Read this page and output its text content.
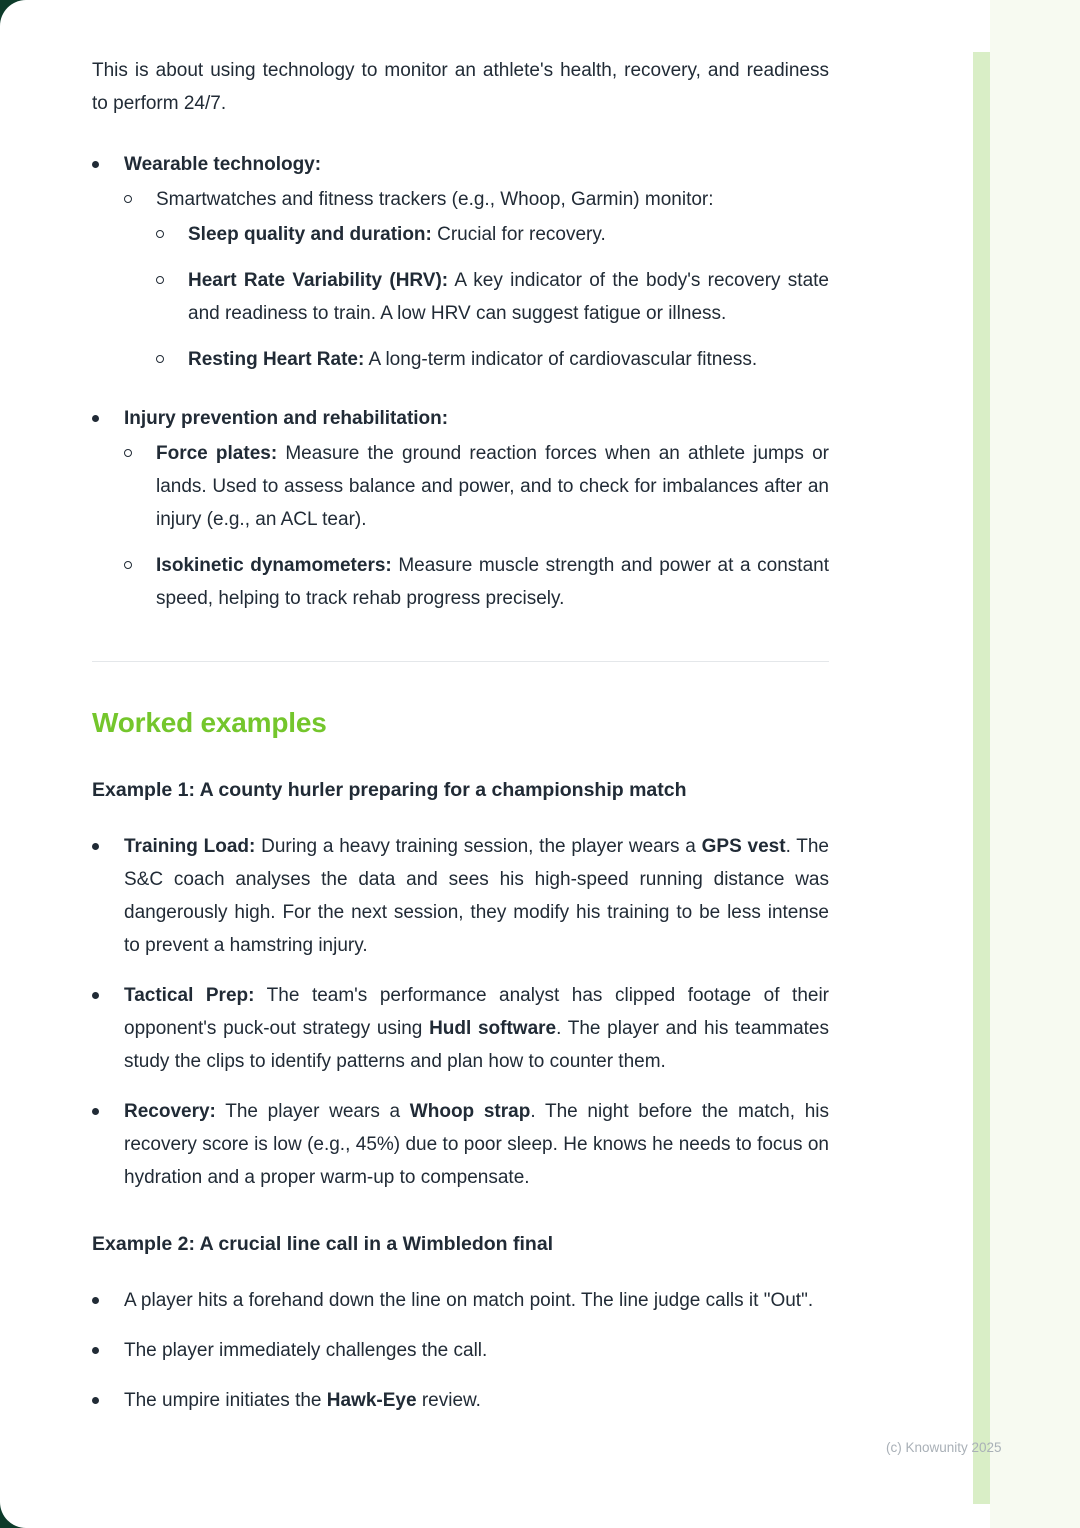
This is about using technology to monitor an athlete's health, recovery, and readiness to perform 24/7.

Wearable technology:
Smartwatches and fitness trackers (e.g., Whoop, Garmin) monitor:
Sleep quality and duration: Crucial for recovery.
Heart Rate Variability (HRV): A key indicator of the body's recovery state and readiness to train. A low HRV can suggest fatigue or illness.
Resting Heart Rate: A long-term indicator of cardiovascular fitness.
Injury prevention and rehabilitation:
Force plates: Measure the ground reaction forces when an athlete jumps or lands. Used to assess balance and power, and to check for imbalances after an injury (e.g., an ACL tear).
Isokinetic dynamometers: Measure muscle strength and power at a constant speed, helping to track rehab progress precisely.
Worked examples
Example 1: A county hurler preparing for a championship match
Training Load: During a heavy training session, the player wears a GPS vest. The S&C coach analyses the data and sees his high-speed running distance was dangerously high. For the next session, they modify his training to be less intense to prevent a hamstring injury.
Tactical Prep: The team's performance analyst has clipped footage of their opponent's puck-out strategy using Hudl software. The player and his teammates study the clips to identify patterns and plan how to counter them.
Recovery: The player wears a Whoop strap. The night before the match, his recovery score is low (e.g., 45%) due to poor sleep. He knows he needs to focus on hydration and a proper warm-up to compensate.
Example 2: A crucial line call in a Wimbledon final
A player hits a forehand down the line on match point. The line judge calls it "Out".
The player immediately challenges the call.
The umpire initiates the Hawk-Eye review.
(c) Knowunity 2025
